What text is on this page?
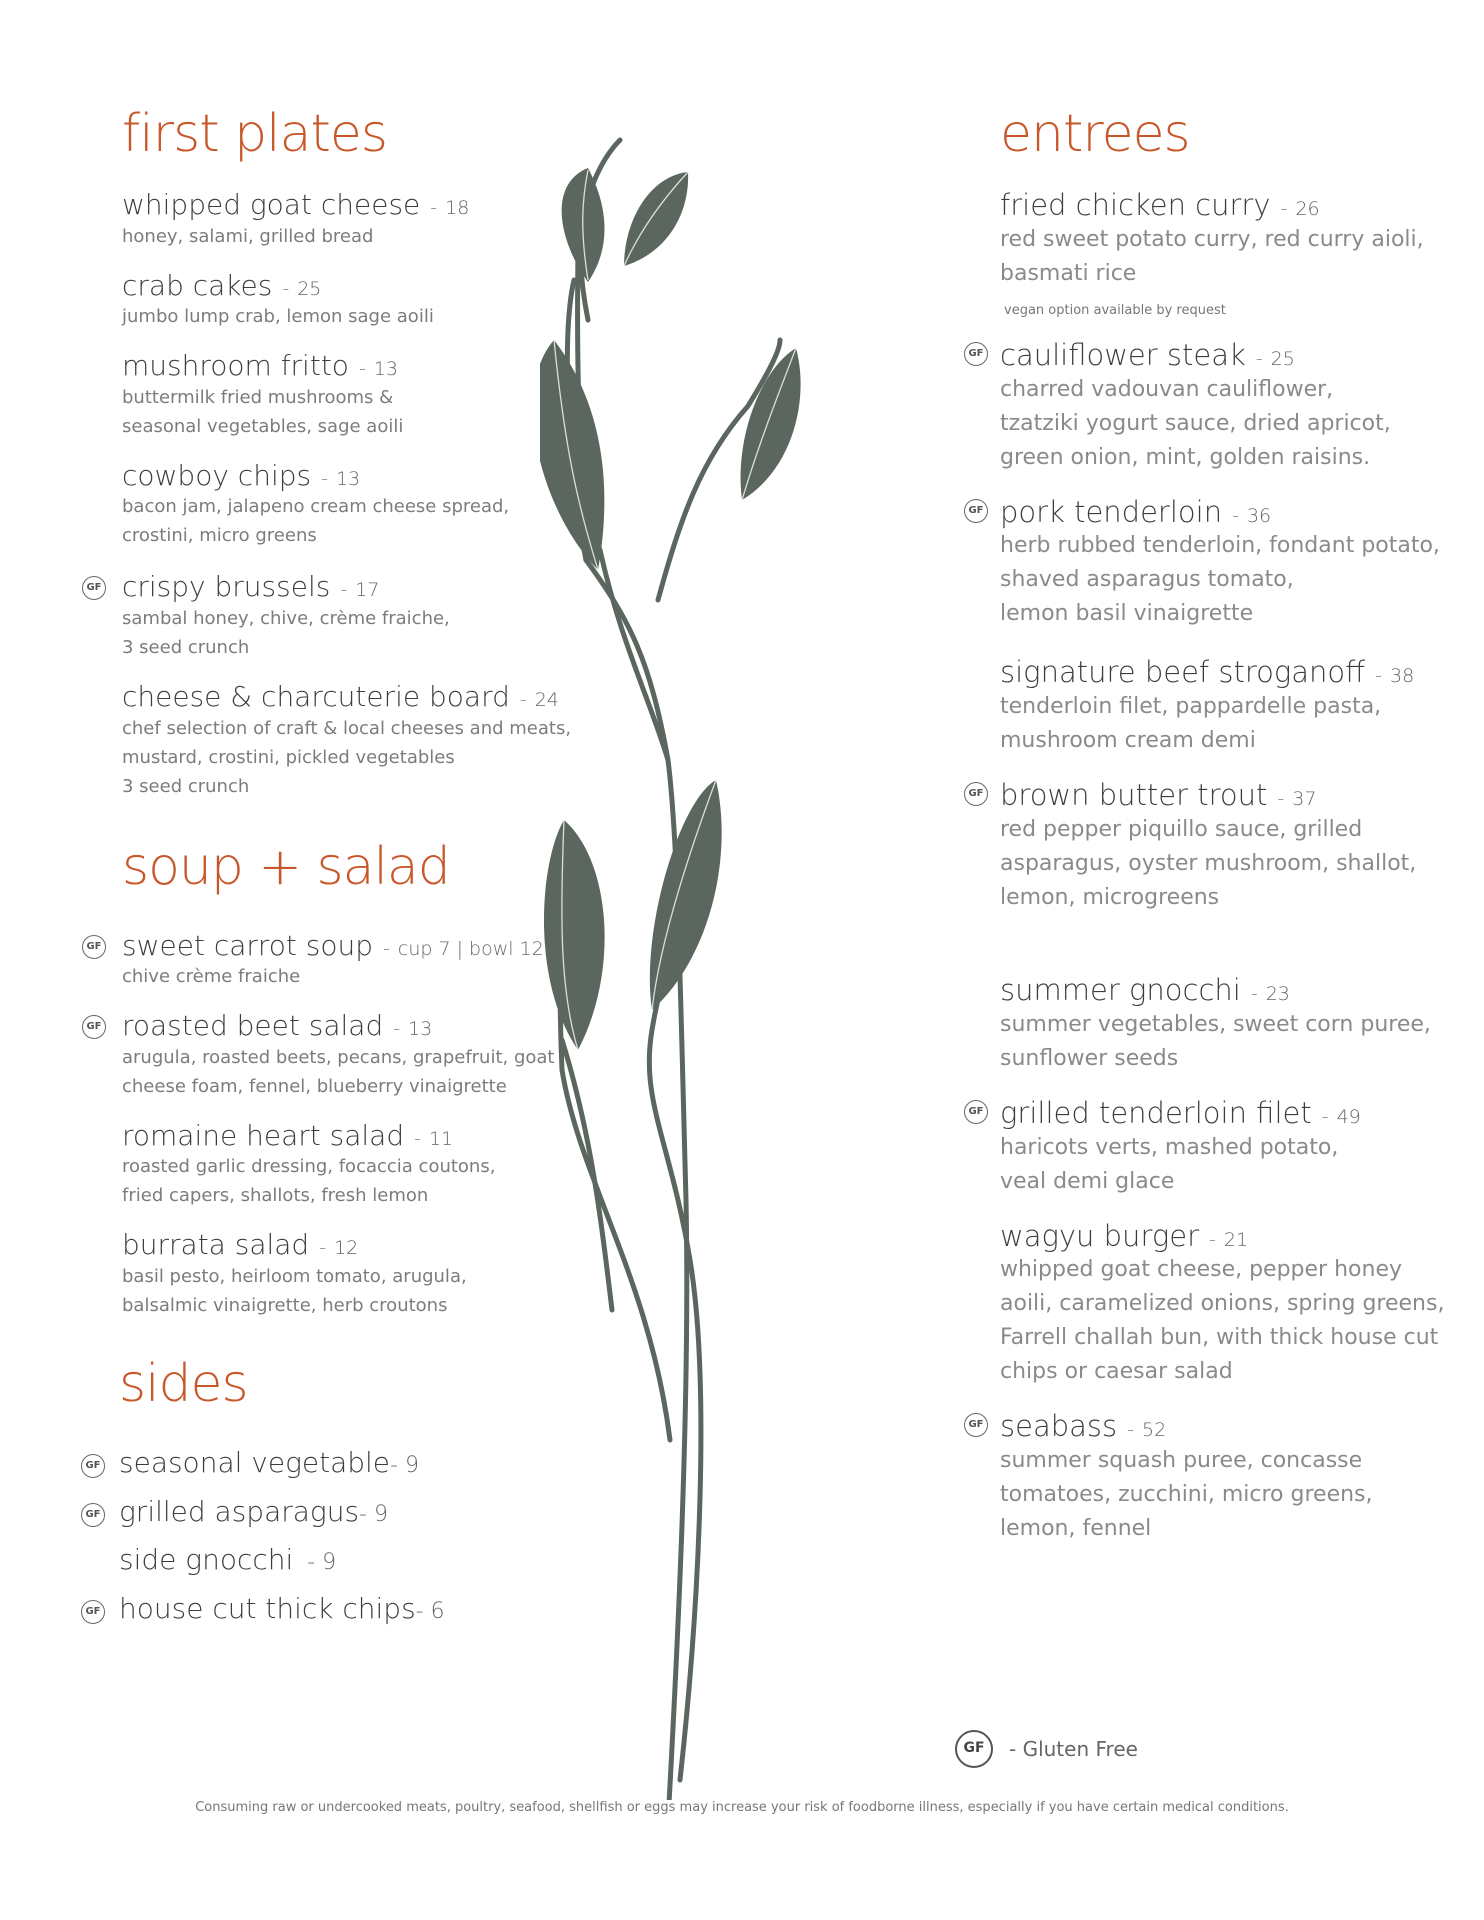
first plates
whipped goat cheese - 18
honey, salami, grilled bread
crab cakes - 25
jumbo lump crab, lemon sage aoili
mushroom fritto - 13
buttermilk fried mushrooms &
seasonal vegetables, sage aoili
cowboy chips - 13
bacon jam, jalapeno cream cheese spread,
crostini, micro greens
GF crispy brussels - 17
sambal honey, chive, crème fraiche,
3 seed crunch
cheese & charcuterie board - 24
chef selection of craft & local cheeses and meats,
mustard, crostini, pickled vegetables
3 seed crunch
soup + salad
GF sweet carrot soup - cup 7 | bowl 12
chive crème fraiche
GF roasted beet salad - 13
arugula, roasted beets, pecans, grapefruit, goat
cheese foam, fennel, blueberry vinaigrette
romaine heart salad - 11
roasted garlic dressing, focaccia coutons,
fried capers, shallots, fresh lemon
burrata salad - 12
basil pesto, heirloom tomato, arugula,
balsalmic vinaigrette, herb croutons
sides
GF seasonal vegetable- 9
GF grilled asparagus- 9
side gnocchi  - 9
GF house cut thick chips- 6
entrees
fried chicken curry - 26
red sweet potato curry, red curry aioli,
basmati rice
vegan option available by request
GF cauliflower steak - 25
charred vadouvan cauliflower,
tzatziki yogurt sauce, dried apricot,
green onion, mint, golden raisins.
GF pork tenderloin - 36
herb rubbed tenderloin, fondant potato,
shaved asparagus tomato,
lemon basil vinaigrette
signature beef stroganoff - 38
tenderloin filet, pappardelle pasta,
mushroom cream demi
GF brown butter trout - 37
red pepper piquillo sauce, grilled
asparagus, oyster mushroom, shallot,
lemon, microgreens
summer gnocchi - 23
summer vegetables, sweet corn puree,
sunflower seeds
GF grilled tenderloin filet - 49
haricots verts, mashed potato,
veal demi glace
wagyu burger - 21
whipped goat cheese, pepper honey
aoili, caramelized onions, spring greens,
Farrell challah bun, with thick house cut
chips or caesar salad
GF seabass - 52
summer squash puree, concasse
tomatoes, zucchini, micro greens,
lemon, fennel
GF	- Gluten Free
Consuming raw or undercooked meats, poultry, seafood, shellfish or eggs may increase your risk of foodborne illness, especially if you have certain medical conditions.
